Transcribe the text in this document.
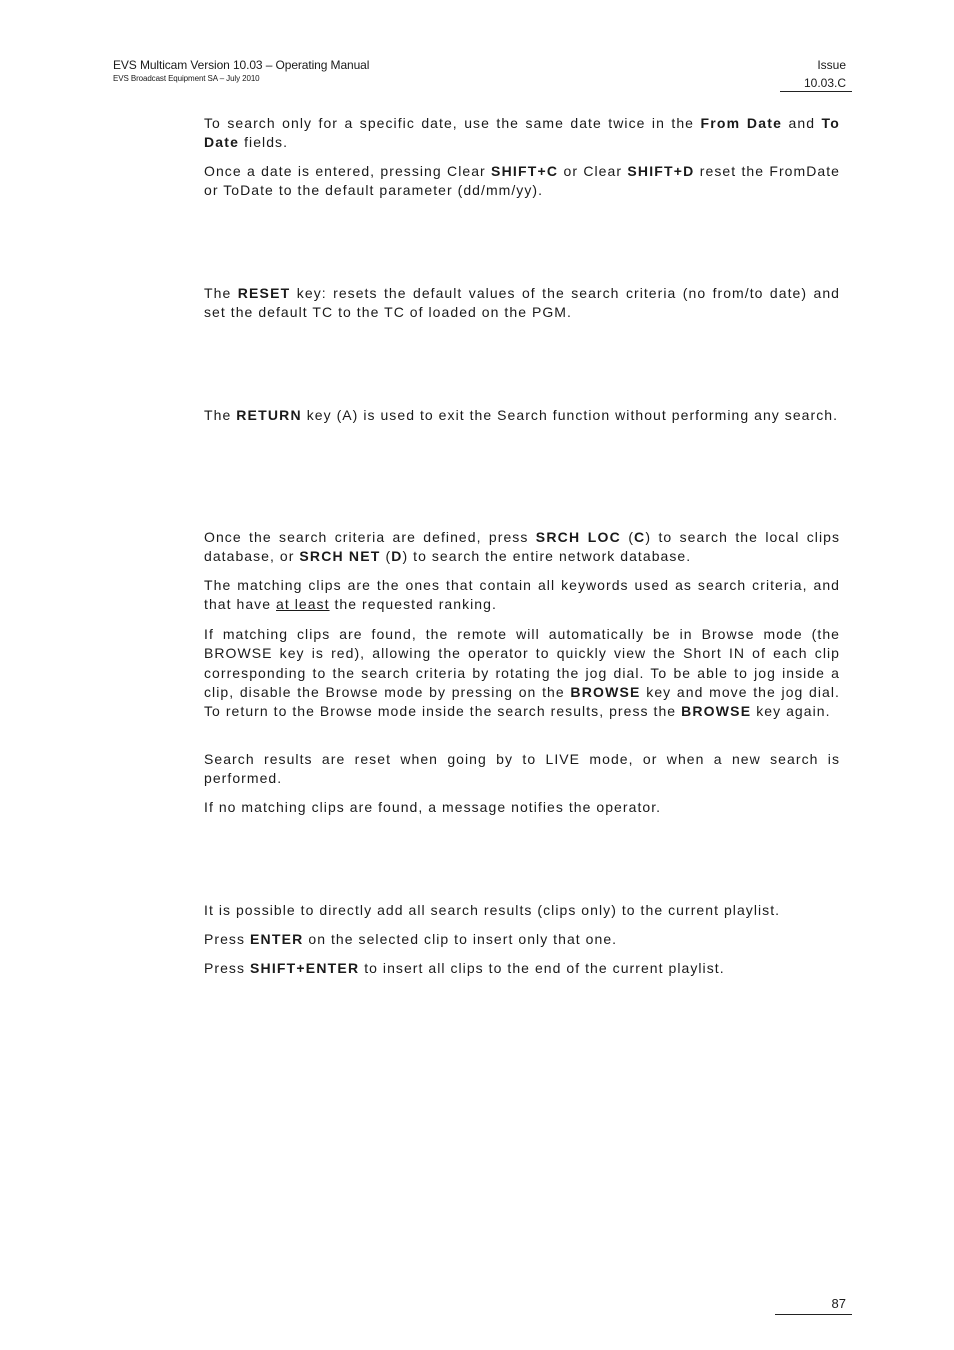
EVS Multicam Version 10.03 – Operating Manual
EVS Broadcast Equipment SA – July 2010
Issue
10.03.C

To search only for a specific date, use the same date twice in the From Date and To Date fields.

Once a date is entered, pressing Clear SHIFT+C or Clear SHIFT+D reset the FromDate or ToDate to the default parameter (dd/mm/yy).

The RESET key: resets the default values of the search criteria (no from/to date) and set the default TC to the TC of loaded on the PGM.

The RETURN key (A) is used to exit the Search function without performing any search.

Once the search criteria are defined, press SRCH LOC (C) to search the local clips database, or SRCH NET (D) to search the entire network database.

The matching clips are the ones that contain all keywords used as search criteria, and that have at least the requested ranking.

If matching clips are found, the remote will automatically be in Browse mode (the BROWSE key is red), allowing the operator to quickly view the Short IN of each clip corresponding to the search criteria by rotating the jog dial. To be able to jog inside a clip, disable the Browse mode by pressing on the BROWSE key and move the jog dial. To return to the Browse mode inside the search results, press the BROWSE key again.

Search results are reset when going by to LIVE mode, or when a new search is performed.

If no matching clips are found, a message notifies the operator.

It is possible to directly add all search results (clips only) to the current playlist.

Press ENTER on the selected clip to insert only that one.

Press SHIFT+ENTER to insert all clips to the end of the current playlist.

87
